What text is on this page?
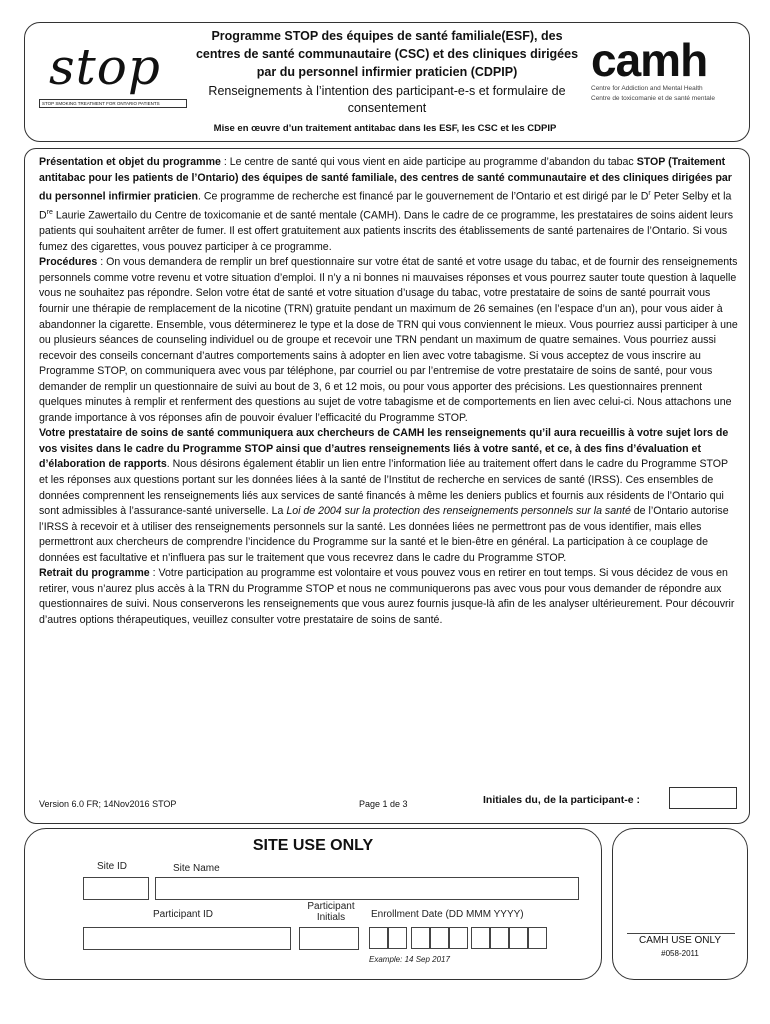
stop
STOP SMOKING TREATMENT FOR ONTARIO PATIENTS
Programme STOP des équipes de santé familiale(ESF), des centres de santé communautaire (CSC) et des cliniques dirigées par du personnel infirmier praticien (CDPIP)
Renseignements à l’intention des participant-e-s et formulaire de consentement
Mise en œuvre d’un traitement antitabac dans les ESF, les CSC et les CDPIP
camh
Centre for Addiction and Mental Health
Centre de toxicomanie et de santé mentale

Présentation et objet du programme : Le centre de santé qui vous vient en aide participe au programme d’abandon du tabac STOP (Traitement antitabac pour les patients de l’Ontario) des équipes de santé familiale, des centres de santé communautaire et des cliniques dirigées par du personnel infirmier praticien. Ce programme de recherche est financé par le gouvernement de l’Ontario et est dirigé par le $D^r$ Peter Selby et la Dre Laurie Zawertailo du Centre de toxicomanie et de santé mentale (CAMH). Dans le cadre de ce programme, les prestataires de soins aident leurs patients qui souhaitent arrêter de fumer. Il est offert gratuitement aux patients inscrits des établissements de santé partenaires de l’Ontario. Si vous fumez des cigarettes, vous pouvez participer à ce programme.

Procédures : On vous demandera de remplir un bref questionnaire sur votre état de santé et votre usage du tabac, et de fournir des renseignements personnels comme votre revenu et votre situation d’emploi. Il n’y a ni bonnes ni mauvaises réponses et vous pourrez sauter toute question à laquelle vous ne souhaitez pas répondre. Selon votre état de santé et votre situation d’usage du tabac, votre prestataire de soins de santé pourrait vous fournir une thérapie de remplacement de la nicotine (TRN) gratuite pendant un maximum de 26 semaines (en l’espace d’un an), pour vous aider à abandonner la cigarette. Ensemble, vous déterminerez le type et la dose de TRN qui vous conviennent le mieux. Vous pourriez aussi participer à une ou plusieurs séances de counseling individuel ou de groupe et recevoir une TRN pendant un maximum de quatre semaines. Vous pourriez aussi recevoir des conseils concernant d’autres comportements sains à adopter en lien avec votre tabagisme. Si vous acceptez de vous inscrire au Programme STOP, on communiquera avec vous par téléphone, par courriel ou par l’entremise de votre prestataire de soins de santé, pour vous demander de remplir un questionnaire de suivi au bout de 3, 6 et 12 mois, ou pour vous apporter des précisions. Les questionnaires prennent quelques minutes à remplir et renferment des questions au sujet de votre tabagisme et de comportements en lien avec celui-ci. Nous attachons une grande importance à vos réponses afin de pouvoir évaluer l’efficacité du Programme STOP.

Votre prestataire de soins de santé communiquera aux chercheurs de CAMH les renseignements qu’il aura recueillis à votre sujet lors de vos visites dans le cadre du Programme STOP ainsi que d’autres renseignements liés à votre santé, et ce, à des fins d’évaluation et d’élaboration de rapports. Nous désirons également établir un lien entre l’information liée au traitement offert dans le cadre du Programme STOP et les réponses aux questions portant sur les données liées à la santé de l’Institut de recherche en services de santé (IRSS). Ces ensembles de données comprennent les renseignements liés aux services de santé financés à même les deniers publics et fournis aux résidents de l’Ontario qui sont admissibles à l’assurance-santé universelle. La Loi de 2004 sur la protection des renseignements personnels sur la santé de l’Ontario autorise l’IRSS à recevoir et à utiliser des renseignements personnels sur la santé. Les données liées ne permettront pas de vous identifier, mais elles permettront aux chercheurs de comprendre l’incidence du Programme sur la santé et le bien-être en général. La participation à ce couplage de données est facultative et n’influera pas sur le traitement que vous recevrez dans le cadre du Programme STOP.

Retrait du programme : Votre participation au programme est volontaire et vous pouvez vous en retirer en tout temps. Si vous décidez de vous en retirer, vous n’aurez plus accès à la TRN du Programme STOP et nous ne communiquerons pas avec vous pour vous demander de répondre aux questionnaires de suivi. Nous conserverons les renseignements que vous aurez fournis jusque-là afin de les analyser ultérieurement. Pour découvrir d’autres options thérapeutiques, veuillez consulter votre prestataire de soins de santé.

Version 6.0 FR; 14Nov2016 STOP	Page 1 de 3	Initiales du, de la participant-e :
SITE USE ONLY
Site ID	Site Name
Participant ID
Participant
Initials	Enrollment Date (DD MMM YYYY)
Example: 14 Sep 2017
CAMH USE ONLY
#058-2011
